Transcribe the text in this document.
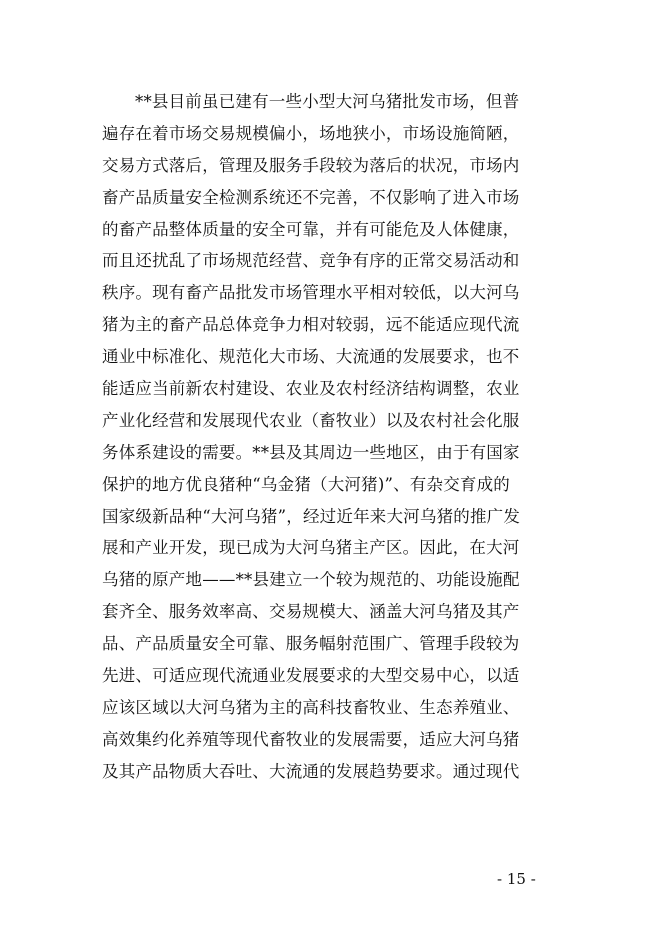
**县目前虽已建有一些小型大河乌猪批发市场，但普
遍存在着市场交易规模偏小，场地狭小，市场设施简陋，
交易方式落后，管理及服务手段较为落后的状况，市场内
畜产品质量安全检测系统还不完善，不仅影响了进入市场
的畜产品整体质量的安全可靠，并有可能危及人体健康，
而且还扰乱了市场规范经营、竞争有序的正常交易活动和
秩序。现有畜产品批发市场管理水平相对较低，以大河乌
猪为主的畜产品总体竞争力相对较弱，远不能适应现代流
通业中标准化、规范化大市场、大流通的发展要求，也不
能适应当前新农村建设、农业及农村经济结构调整，农业
产业化经营和发展现代农业（畜牧业）以及农村社会化服
务体系建设的需要。**县及其周边一些地区，由于有国家
保护的地方优良猪种“乌金猪（大河猪)”、有杂交育成的
国家级新品种“大河乌猪”，经过近年来大河乌猪的推广发
展和产业开发，现已成为大河乌猪主产区。因此，在大河
乌猪的原产地——**县建立一个较为规范的、功能设施配
套齐全、服务效率高、交易规模大、涵盖大河乌猪及其产
品、产品质量安全可靠、服务幅射范围广、管理手段较为
先进、可适应现代流通业发展要求的大型交易中心，以适
应该区域以大河乌猪为主的高科技畜牧业、生态养殖业、
高效集约化养殖等现代畜牧业的发展需要，适应大河乌猪
及其产品物质大吞吐、大流通的发展趋势要求。通过现代
- 15 -
